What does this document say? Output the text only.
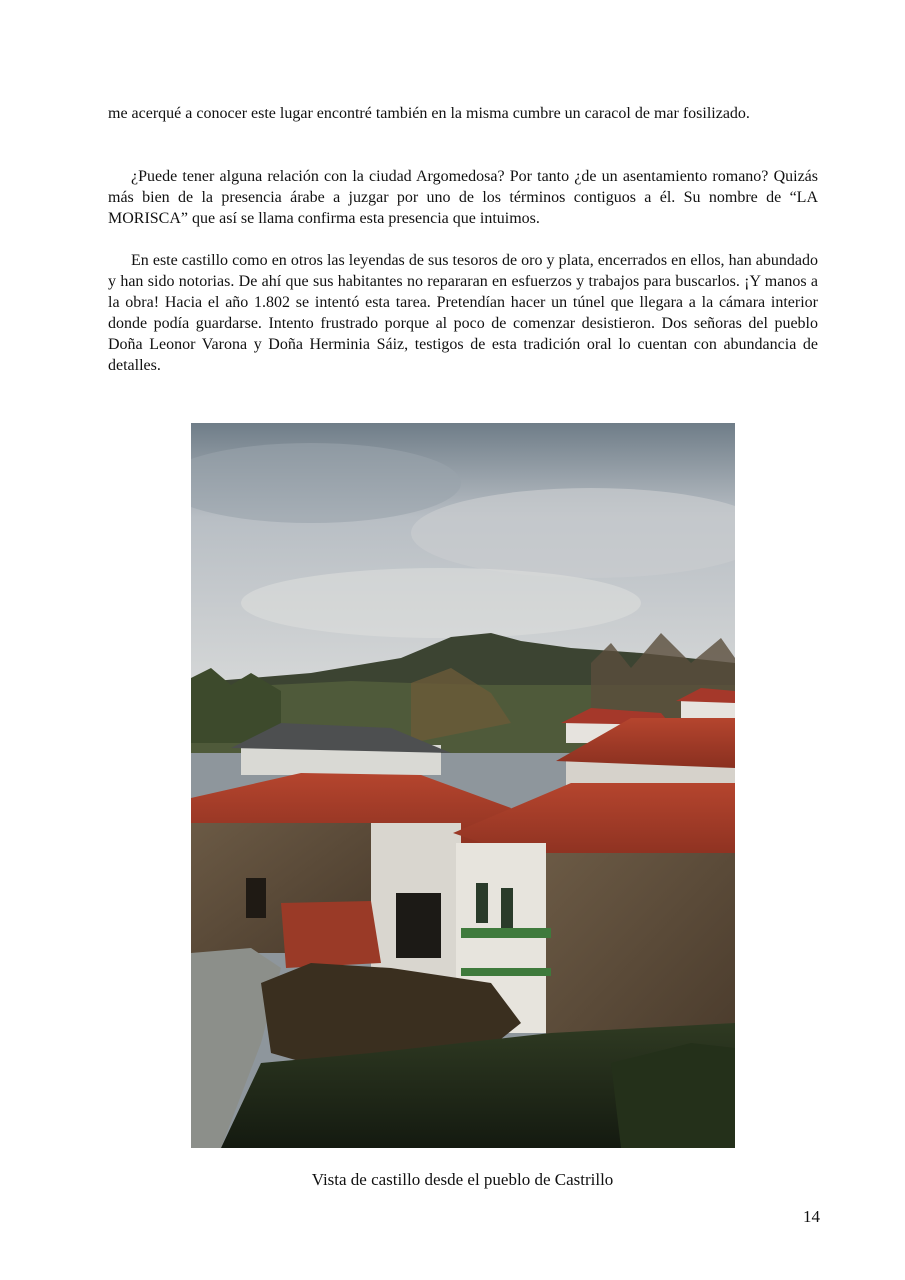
me acerqué a conocer este lugar encontré también en la misma cumbre un caracol de mar fosilizado.

¿Puede tener alguna relación con la ciudad Argomedosa? Por tanto ¿de un asentamiento romano? Quizás más bien de la presencia árabe a juzgar por uno de los términos contiguos a él. Su nombre de “LA MORISCA” que así se llama confirma esta presencia que intuimos.

En este castillo como en otros las leyendas de sus tesoros de oro y plata, encerrados en ellos, han abundado y han sido notorias. De ahí que sus habitantes no repararan en esfuerzos y trabajos para buscarlos. ¡Y manos a la obra! Hacia el año 1.802 se intentó esta tarea. Pretendían hacer un túnel que llegara a la cámara interior donde podía guardarse. Intento frustrado porque al poco de comenzar desistieron. Dos señoras del pueblo Doña Leonor Varona y Doña Herminia Sáiz, testigos de esta tradición oral lo cuentan con abundancia de detalles.

Vista de castillo desde el pueblo de Castrillo
14
